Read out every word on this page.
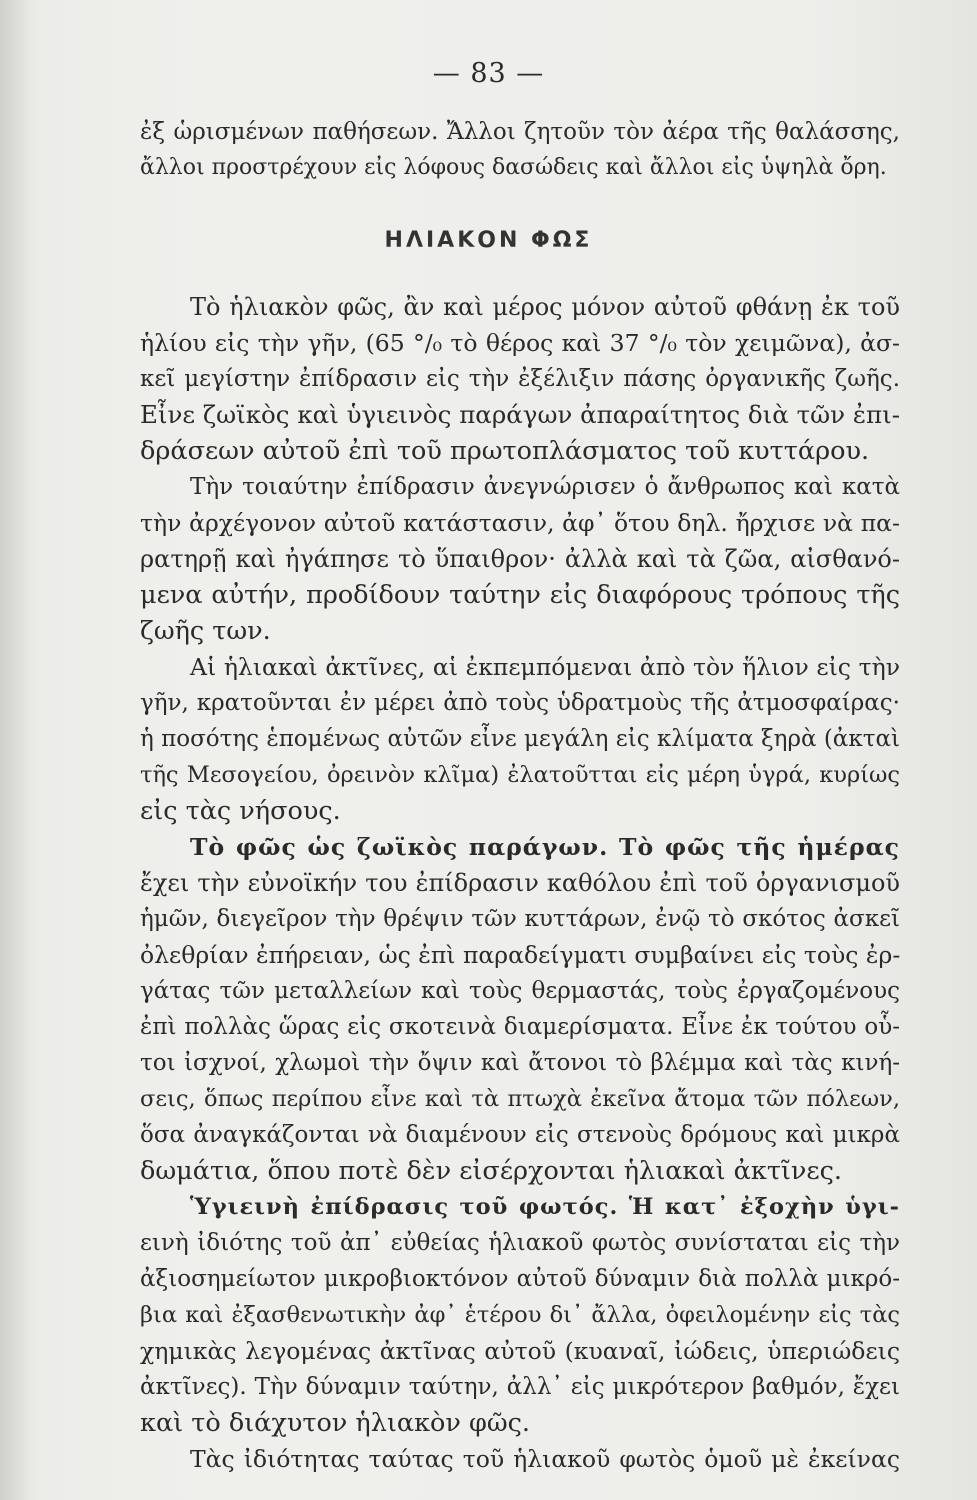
— 83 —
ἐξ ὡρισμένων παθήσεων. Ἄλλοι ζητοῦν τὸν ἀέρα τῆς θαλάσσης,
ἄλλοι προστρέχουν εἰς λόφους δασώδεις καὶ ἄλλοι εἰς ὑψηλὰ ὄρη.
ΗΛΙΑΚΟΝ ΦΩΣ
Τὸ ἡλιακὸν φῶς, ἂν καὶ μέρος μόνον αὐτοῦ φθάνῃ ἐκ τοῦ
ἡλίου εἰς τὴν γῆν, (65 °/₀ τὸ θέρος καὶ 37 °/₀ τὸν χειμῶνα), ἀσ-
κεῖ μεγίστην ἐπίδρασιν εἰς τὴν ἐξέλιξιν πάσης ὀργανικῆς ζωῆς.
Εἶνε ζωϊκὸς καὶ ὑγιεινὸς παράγων ἀπαραίτητος διὰ τῶν ἐπι-
δράσεων αὐτοῦ ἐπὶ τοῦ πρωτοπλάσματος τοῦ κυττάρου.
Τὴν τοιαύτην ἐπίδρασιν ἀνεγνώρισεν ὁ ἄνθρωπος καὶ κατὰ
τὴν ἀρχέγονον αὐτοῦ κατάστασιν, ἀφ᾽ ὅτου δηλ. ἤρχισε νὰ πα-
ρατηρῇ καὶ ἠγάπησε τὸ ὕπαιθρον· ἀλλὰ καὶ τὰ ζῶα, αἰσθανό-
μενα αὐτήν, προδίδουν ταύτην εἰς διαφόρους τρόπους τῆς
ζωῆς των.
Αἱ ἡλιακαὶ ἀκτῖνες, αἱ ἐκπεμπόμεναι ἀπὸ τὸν ἥλιον εἰς τὴν
γῆν, κρατοῦνται ἐν μέρει ἀπὸ τοὺς ὑδρατμοὺς τῆς ἀτμοσφαίρας·
ἡ ποσότης ἑπομένως αὐτῶν εἶνε μεγάλη εἰς κλίματα ξηρὰ (ἀκταὶ
τῆς Μεσογείου, ὀρεινὸν κλῖμα) ἐλατοῦτται εἰς μέρη ὑγρά, κυρίως
εἰς τὰς νήσους.
Τὸ φῶς ὡς ζωϊκὸς παράγων. Τὸ φῶς τῆς ἡμέρας
ἔχει τὴν εὐνοϊκήν του ἐπίδρασιν καθόλου ἐπὶ τοῦ ὀργανισμοῦ
ἡμῶν, διεγεῖρον τὴν θρέψιν τῶν κυττάρων, ἐνῷ τὸ σκότος ἀσκεῖ
ὀλεθρίαν ἐπήρειαν, ὡς ἐπὶ παραδείγματι συμβαίνει εἰς τοὺς ἐρ-
γάτας τῶν μεταλλείων καὶ τοὺς θερμαστάς, τοὺς ἐργαζομένους
ἐπὶ πολλὰς ὥρας εἰς σκοτεινὰ διαμερίσματα. Εἶνε ἐκ τούτου οὗ-
τοι ἰσχνοί, χλωμοὶ τὴν ὄψιν καὶ ἄτονοι τὸ βλέμμα καὶ τὰς κινή-
σεις, ὅπως περίπου εἶνε καὶ τὰ πτωχὰ ἐκεῖνα ἄτομα τῶν πόλεων,
ὅσα ἀναγκάζονται νὰ διαμένουν εἰς στενοὺς δρόμους καὶ μικρὰ
δωμάτια, ὅπου ποτὲ δὲν εἰσέρχονται ἡλιακαὶ ἀκτῖνες.
Ὑγιεινὴ ἐπίδρασις τοῦ φωτός. Ἡ κατ᾽ ἐξοχὴν ὑγι-
εινὴ ἰδιότης τοῦ ἀπ᾽ εὐθείας ἡλιακοῦ φωτὸς συνίσταται εἰς τὴν
ἀξιοσημείωτον μικροβιοκτόνον αὐτοῦ δύναμιν διὰ πολλὰ μικρό-
βια καὶ ἐξασθενωτικὴν ἀφ᾽ ἑτέρου δι᾽ ἄλλα, ὀφειλομένην εἰς τὰς
χημικὰς λεγομένας ἀκτῖνας αὐτοῦ (κυαναῖ, ἰώδεις, ὑπεριώδεις
ἀκτῖνες). Τὴν δύναμιν ταύτην, ἀλλ᾽ εἰς μικρότερον βαθμόν, ἔχει
καὶ τὸ διάχυτον ἡλιακὸν φῶς.
Τὰς ἰδιότητας ταύτας τοῦ ἡλιακοῦ φωτὸς ὁμοῦ μὲ ἐκείνας
